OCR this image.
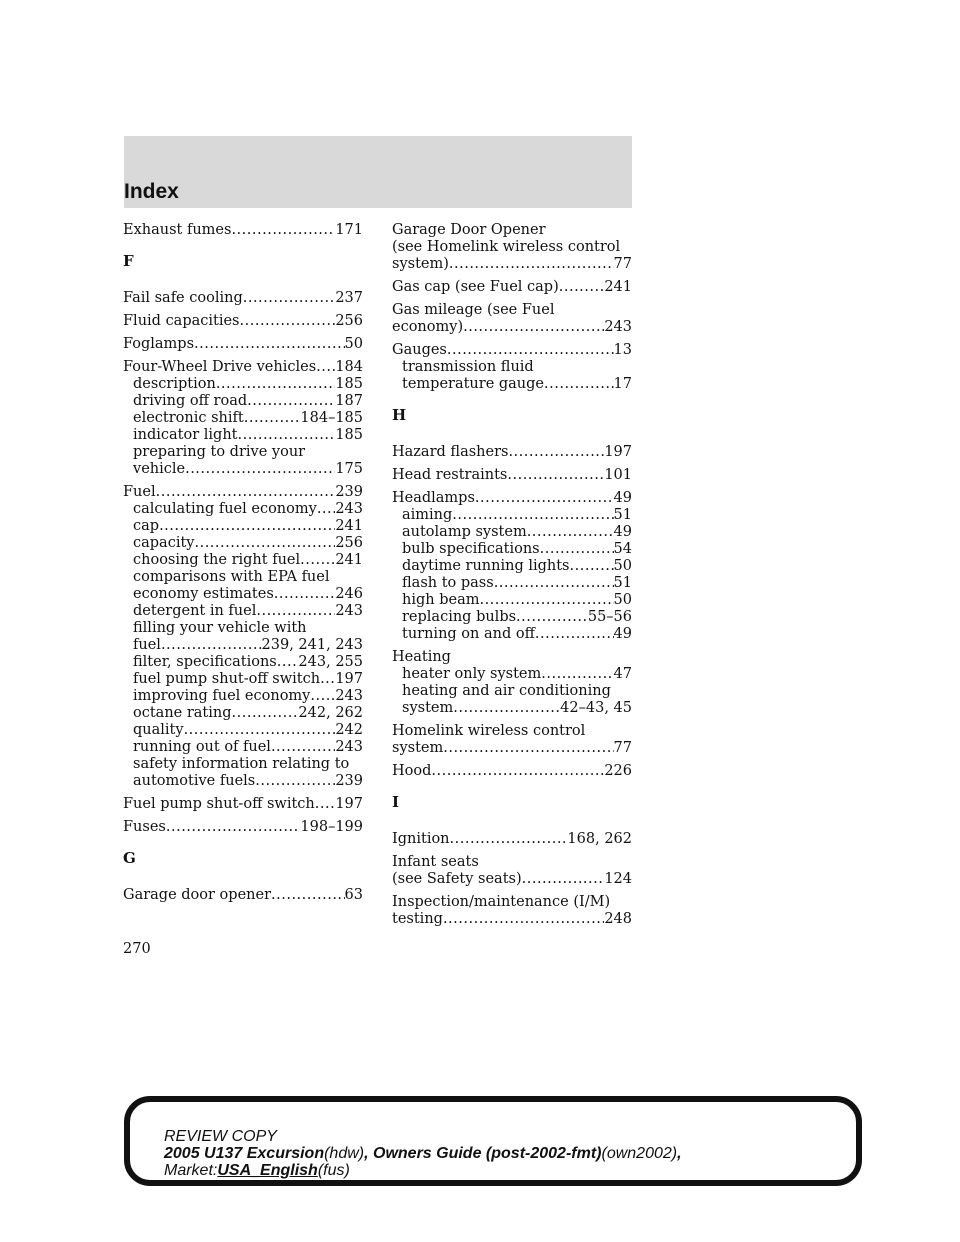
Index
Exhaust fumes .....	171
F
Fail safe cooling .....	237
Fluid capacities .....	256
Foglamps .....	50
Four-Wheel Drive vehicles ..... 184
description .....	185
driving off road .....	187
electronic shift .....	184–185
indicator light .....	185
preparing to drive your
vehicle .....	175
Fuel .....	239
calculating fuel economy ..... 243
cap .....	241
capacity .....	256
choosing the right fuel ..... 241
comparisons with EPA fuel
economy estimates .....	246
detergent in fuel .....	243
filling your vehicle with
fuel .....	239, 241, 243
filter, specifications ..... 243, 255
fuel pump shut-off switch ..... 197
improving fuel economy ..... 243
octane rating .....	242, 262
quality .....	242
running out of fuel .....	243
safety information relating to
automotive fuels .....	239
Fuel pump shut-off switch ..... 197
Fuses .....	198–199
G
Garage door opener .....	63
Garage Door Opener
(see Homelink wireless control
system) .....	77
Gas cap (see Fuel cap) .....	241
Gas mileage (see Fuel
economy) .....	243
Gauges .....	13
transmission fluid
temperature gauge .....	17
H
Hazard flashers .....	197
Head restraints .....	101
Headlamps .....	49
aiming .....	51
autolamp system .....	49
bulb specifications .....	54
daytime running lights .....	50
flash to pass .....	51
high beam .....	50
replacing bulbs .....	55–56
turning on and off .....	49
Heating
heater only system .....	47
heating and air conditioning
system .....	42–43, 45
Homelink wireless control
system .....	77
Hood .....	226
I
Ignition .....	168, 262
Infant seats
(see Safety seats) .....	124
Inspection/maintenance (I/M)
testing .....	248
270
REVIEW COPY
2005 U137 Excursion(hdw), Owners Guide (post-2002-fmt)(own2002),
Market:USA_English(fus)
